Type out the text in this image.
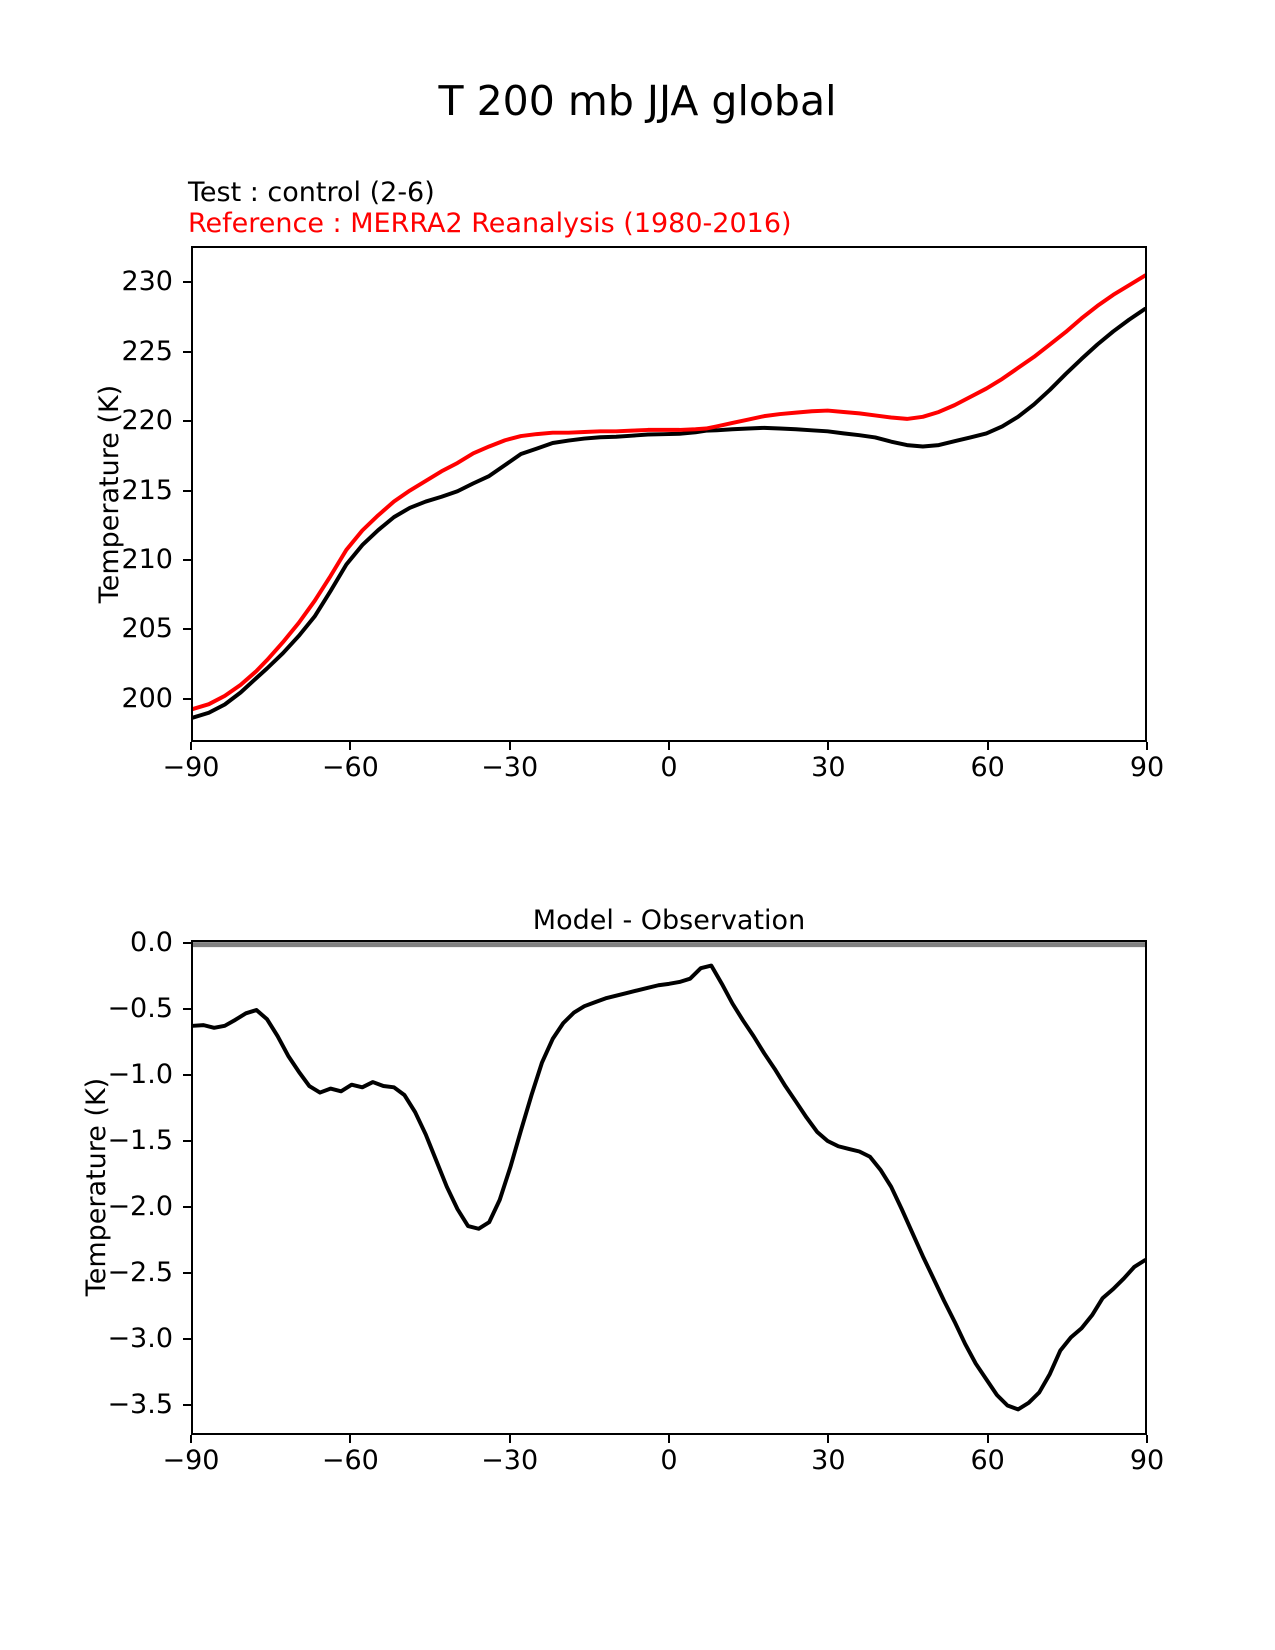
T 200 mb JJA global
Test : control (2-6)
Reference : MERRA2 Reanalysis (1980-2016)
Temperature (K)
Temperature (K)
Model - Observation
−90	−60	−30	0	30	60	90
200
205
210
215
220
225
230
−90	−60	−30	0	30	60	90
0.0
−0.5
−1.0
−1.5
−2.0
−2.5
−3.0
−3.5
